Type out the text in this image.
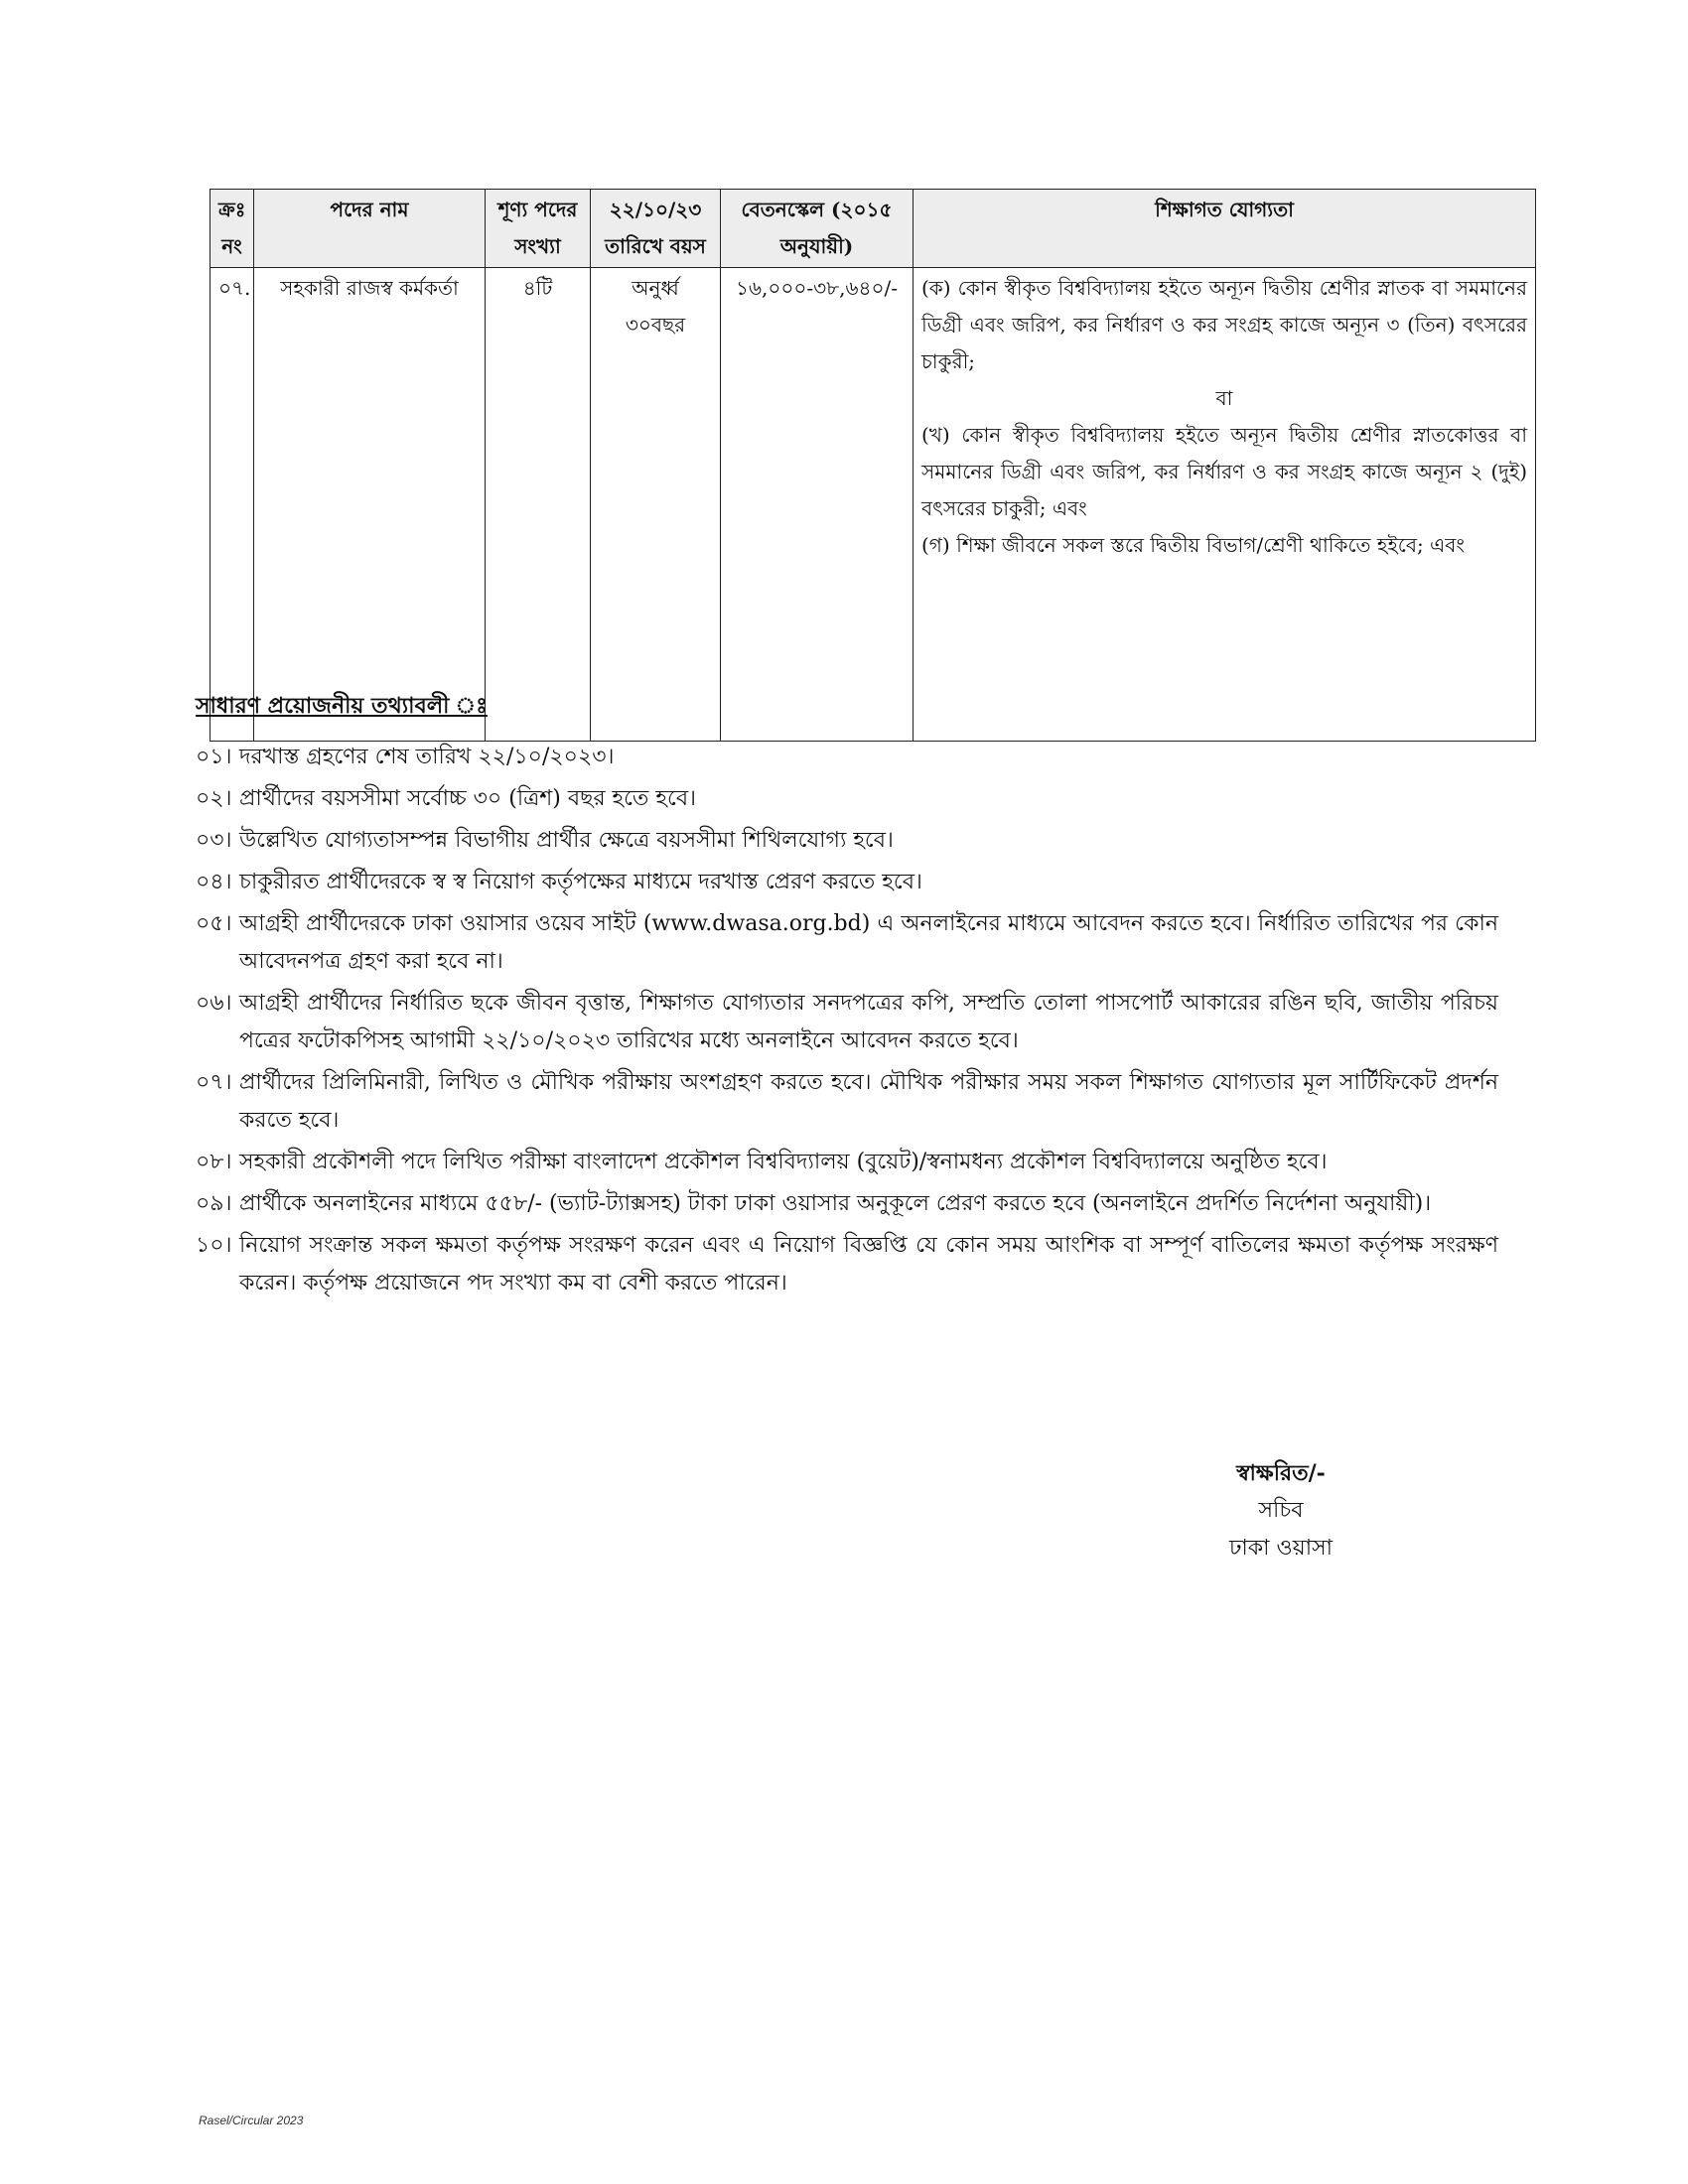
ক্রঃ নং	পদের নাম	শূণ্য পদের সংখ্যা	২২/১০/২৩ তারিখে বয়স	বেতনস্কেল (২০১৫ অনুযায়ী)	শিক্ষাগত যোগ্যতা
০৭.	সহকারী রাজস্ব কর্মকর্তা	৪টি	অনুর্ধ্ব ৩০বছর	১৬,০০০-৩৮,৬৪০/-	(ক) কোন স্বীকৃত বিশ্ববিদ্যালয় হইতে অন্যূন দ্বিতীয় শ্রেণীর স্নাতক বা সমমানের ডিগ্রী এবং জরিপ, কর নির্ধারণ ও কর সংগ্রহ কাজে অন্যূন ৩ (তিন) বৎসরের চাকুরী;

বা

(খ) কোন স্বীকৃত বিশ্ববিদ্যালয় হইতে অন্যূন দ্বিতীয় শ্রেণীর স্নাতকোত্তর বা সমমানের ডিগ্রী এবং জরিপ, কর নির্ধারণ ও কর সংগ্রহ কাজে অন্যূন ২ (দুই) বৎসরের চাকুরী; এবং

(গ) শিক্ষা জীবনে সকল স্তরে দ্বিতীয় বিভাগ/শ্রেণী থাকিতে হইবে; এবং

সাধারণ প্রয়োজনীয় তথ্যাবলী ঃ
০১। দরখাস্ত গ্রহণের শেষ তারিখ ২২/১০/২০২৩।
০২। প্রার্থীদের বয়সসীমা সর্বোচ্চ ৩০ (ত্রিশ) বছর হতে হবে।
০৩। উল্লেখিত যোগ্যতাসম্পন্ন বিভাগীয় প্রার্থীর ক্ষেত্রে বয়সসীমা শিথিলযোগ্য হবে।
০৪। চাকুরীরত প্রার্থীদেরকে স্ব স্ব নিয়োগ কর্তৃপক্ষের মাধ্যমে দরখাস্ত প্রেরণ করতে হবে।
০৫। আগ্রহী প্রার্থীদেরকে ঢাকা ওয়াসার ওয়েব সাইট (www.dwasa.org.bd) এ অনলাইনের মাধ্যমে আবেদন করতে হবে। নির্ধারিত তারিখের পর কোন আবেদনপত্র গ্রহণ করা হবে না।
০৬। আগ্রহী প্রার্থীদের নির্ধারিত ছকে জীবন বৃত্তান্ত, শিক্ষাগত যোগ্যতার সনদপত্রের কপি, সম্প্রতি তোলা পাসপোর্ট আকারের রঙিন ছবি, জাতীয় পরিচয় পত্রের ফটোকপিসহ আগামী ২২/১০/২০২৩ তারিখের মধ্যে অনলাইনে আবেদন করতে হবে।
০৭। প্রার্থীদের প্রিলিমিনারী, লিখিত ও মৌখিক পরীক্ষায় অংশগ্রহণ করতে হবে। মৌখিক পরীক্ষার সময় সকল শিক্ষাগত যোগ্যতার মূল সার্টিফিকেট প্রদর্শন করতে হবে।
০৮। সহকারী প্রকৌশলী পদে লিখিত পরীক্ষা বাংলাদেশ প্রকৌশল বিশ্ববিদ্যালয় (বুয়েট)/স্বনামধন্য প্রকৌশল বিশ্ববিদ্যালয়ে অনুষ্ঠিত হবে।
০৯। প্রার্থীকে অনলাইনের মাধ্যমে ৫৫৮/- (ভ্যাট-ট্যাক্সসহ) টাকা ঢাকা ওয়াসার অনুকূলে প্রেরণ করতে হবে (অনলাইনে প্রদর্শিত নির্দেশনা অনুযায়ী)।
১০। নিয়োগ সংক্রান্ত সকল ক্ষমতা কর্তৃপক্ষ সংরক্ষণ করেন এবং এ নিয়োগ বিজ্ঞপ্তি যে কোন সময় আংশিক বা সম্পূর্ণ বাতিলের ক্ষমতা কর্তৃপক্ষ সংরক্ষণ করেন। কর্তৃপক্ষ প্রয়োজনে পদ সংখ্যা কম বা বেশী করতে পারেন।
স্বাক্ষরিত/-
সচিব
ঢাকা ওয়াসা
Rasel/Circular 2023
